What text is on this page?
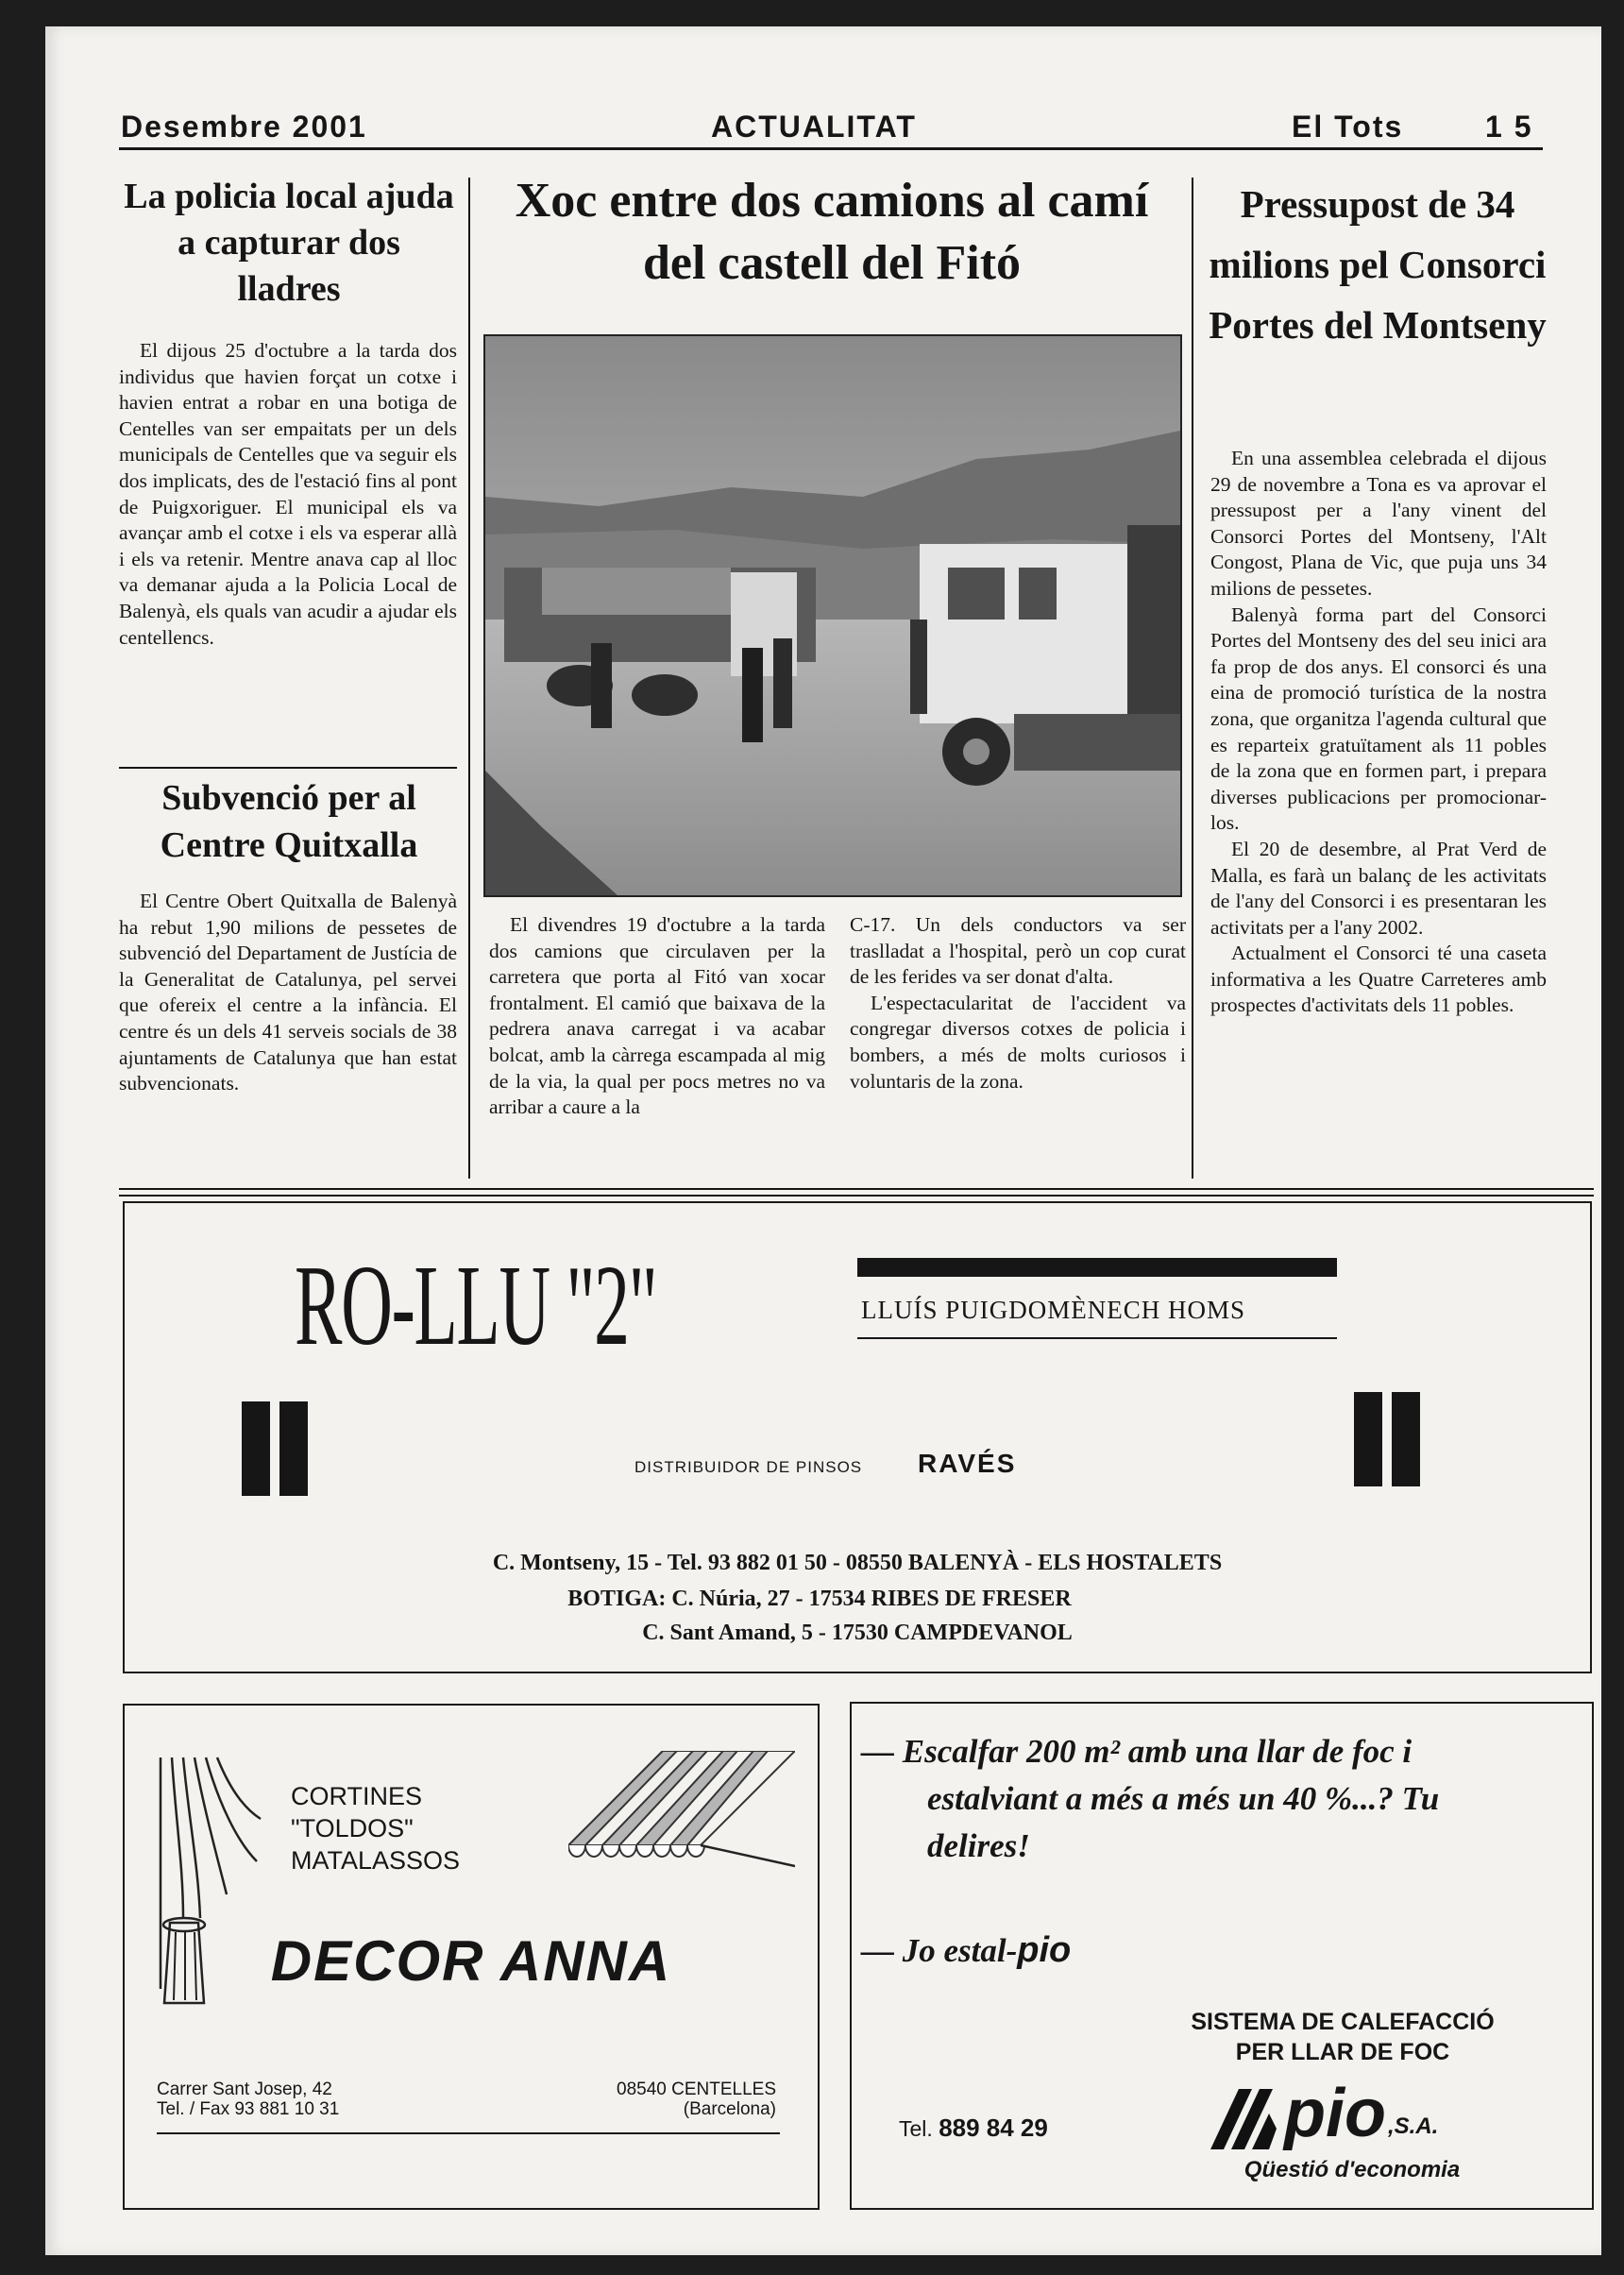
Desembre 2001	ACTUALITAT	El Tots	1 5
La policia local ajuda a capturar dos lladres

El dijous 25 d'octubre a la tarda dos individus que havien forçat un cotxe i havien entrat a robar en una botiga de Centelles van ser empaitats per un dels municipals de Centelles que va seguir els dos implicats, des de l'estació fins al pont de Puigxoriguer. El municipal els va avançar amb el cotxe i els va esperar allà i els va retenir. Mentre anava cap al lloc va demanar ajuda a la Policia Local de Balenyà, els quals van acudir a ajudar els centellencs.

Subvenció per al Centre Quitxalla

El Centre Obert Quitxalla de Balenyà ha rebut 1,90 milions de pessetes de subvenció del Departament de Justícia de la Generalitat de Catalunya, pel servei que ofereix el centre a la infància. El centre és un dels 41 serveis socials de 38 ajuntaments de Catalunya que han estat subvencionats.

Xoc entre dos camions al camí del castell del Fitó

El divendres 19 d'octubre a la tarda dos camions que circulaven per la carretera que porta al Fitó van xocar frontalment. El camió que baixava de la pedrera anava carregat i va acabar bolcat, amb la càrrega escampada al mig de la via, la qual per pocs metres no va arribar a caure a la

C-17. Un dels conductors va ser traslladat a l'hospital, però un cop curat de les ferides va ser donat d'alta.

L'espectacularitat de l'accident va congregar diversos cotxes de policia i bombers, a més de molts curiosos i voluntaris de la zona.

Pressupost de 34 milions pel Consorci Portes del Montseny

En una assemblea celebrada el dijous 29 de novembre a Tona es va aprovar el pressupost per a l'any vinent del Consorci Portes del Montseny, l'Alt Congost, Plana de Vic, que puja uns 34 milions de pessetes.

Balenyà forma part del Consorci Portes del Montseny des del seu inici ara fa prop de dos anys. El consorci és una eina de promoció turística de la nostra zona, que organitza l'agenda cultural que es reparteix gratuïtament als 11 pobles de la zona que en formen part, i prepara diverses publicacions per promocionar-los.

El 20 de desembre, al Prat Verd de Malla, es farà un balanç de les activitats de l'any del Consorci i es presentaran les activitats per a l'any 2002.

Actualment el Consorci té una caseta informativa a les Quatre Carreteres amb prospectes d'activitats dels 11 pobles.

RO-LLU "2"	LLUÍS PUIGDOMÈNECH HOMS
DISTRIBUIDOR DE PINSOS RAVÉS
C. Montseny, 15 - Tel. 93 882 01 50 - 08550 BALENYÀ - ELS HOSTALETS
BOTIGA: C. Núria, 27 - 17534 RIBES DE FRESER
C. Sant Amand, 5 - 17530 CAMPDEVANOL
CORTINES
"TOLDOS"
MATALASSOS
DECOR ANNA
Carrer Sant Josep, 42
Tel. / Fax 93 881 10 31
08540 CENTELLES
(Barcelona)
— Escalfar 200 m² amb una llar de foc i estalviant a més a més un 40 %...? Tu delires!
— Jo estal-pio
SISTEMA DE CALEFACCIÓ
PER LLAR DE FOC
Tel. 889 84 29	pio ,S.A.
Qüestió d'economia
